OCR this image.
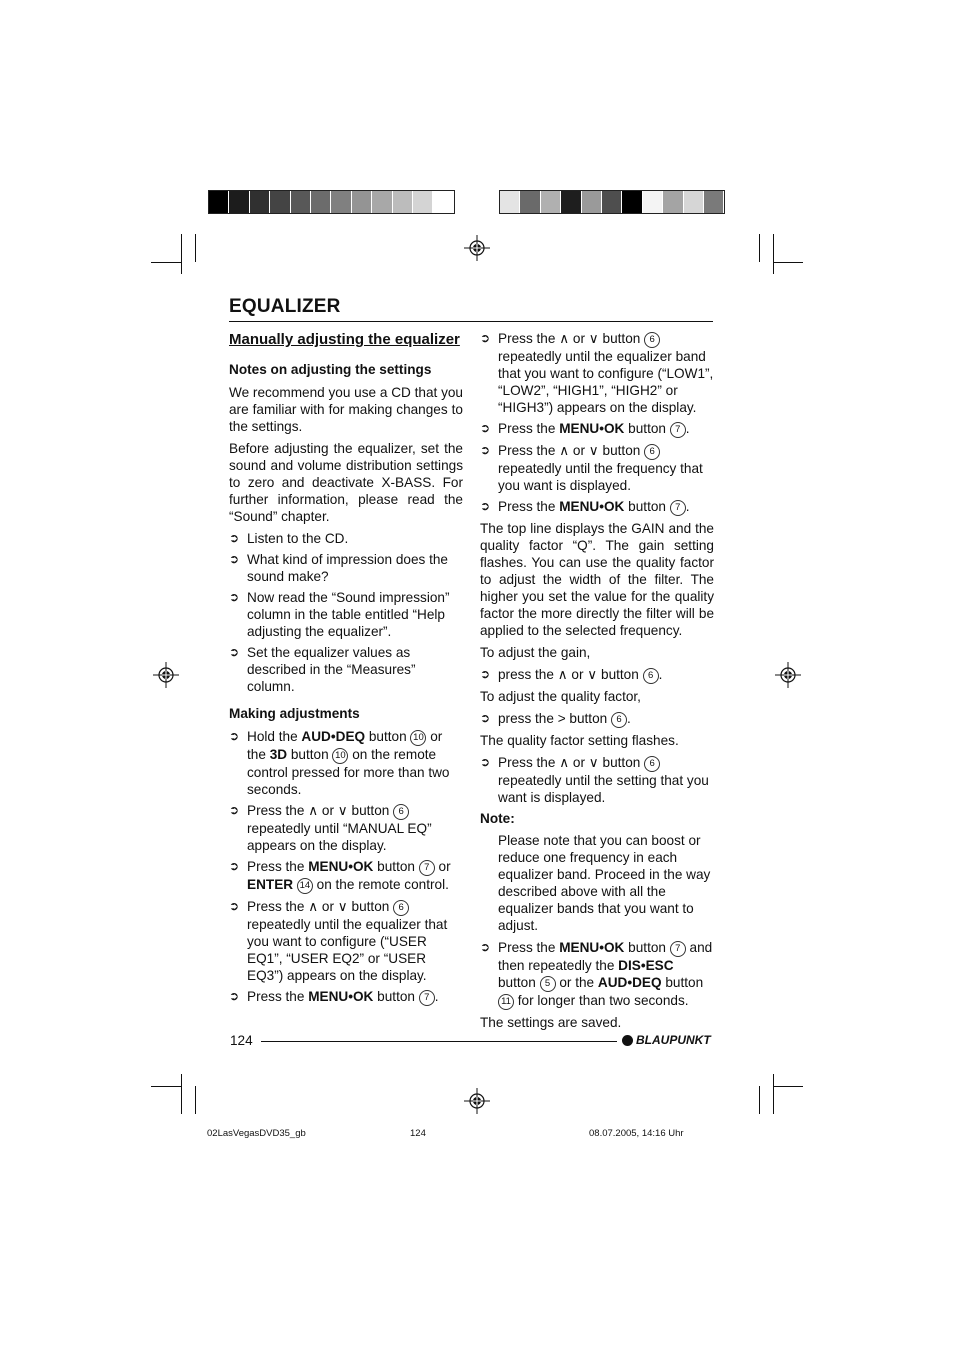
EQUALIZER

Manually adjusting the equalizer

Notes on adjusting the settings

We recommend you use a CD that you are familiar with for making changes to the settings.

Before adjusting the equalizer, set the sound and volume distribution settings to zero and deactivate X-BASS. For further information, please read the “Sound” chapter.

➲ Listen to the CD.
➲ What kind of impression does the sound make?
➲ Now read the “Sound impression” column in the table entitled “Help adjusting the equalizer”.
➲ Set the equalizer values as described in the “Measures” column.

Making adjustments

➲ Hold the AUD•DEQ button 10 or the 3D button 10 on the remote control pressed for more than two seconds.
➲ Press the ∧ or ∨ button 6 repeatedly until “MANUAL EQ” appears on the display.
➲ Press the MENU•OK button 7 or ENTER 14 on the remote control.
➲ Press the ∧ or ∨ button 6 repeatedly until the equalizer that you want to configure (“USER EQ1”, “USER EQ2” or “USER EQ3”) appears on the display.
➲ Press the MENU•OK button 7 .
➲ Press the ∧ or ∨ button 6 repeatedly until the equalizer band that you want to configure (“LOW1”, “LOW2”, “HIGH1”, “HIGH2” or “HIGH3”) appears on the display.
➲ Press the MENU•OK button 7 .
➲ Press the ∧ or ∨ button 6 repeatedly until the frequency that you want is displayed.
➲ Press the MENU•OK button 7 .

The top line displays the GAIN and the quality factor “Q”. The gain setting flashes. You can use the quality factor to adjust the width of the filter. The higher you set the value for the quality factor the more directly the filter will be applied to the selected frequency.

To adjust the gain,

➲ press the ∧ or ∨ button 6 .

To adjust the quality factor,

➲ press the > button 6 .

The quality factor setting flashes.

➲ Press the ∧ or ∨ button 6 repeatedly until the setting that you want is displayed.

Note:

Please note that you can boost or reduce one frequency in each equalizer band. Proceed in the way described above with all the equalizer bands that you want to adjust.

➲ Press the MENU•OK button 7 and then repeatedly the DIS•ESC button 5 or the AUD•DEQ button 11 for longer than two seconds.

The settings are saved.

124	BLAUPUNKT
02LasVegasDVD35_gb	124	08.07.2005, 14:16 Uhr
